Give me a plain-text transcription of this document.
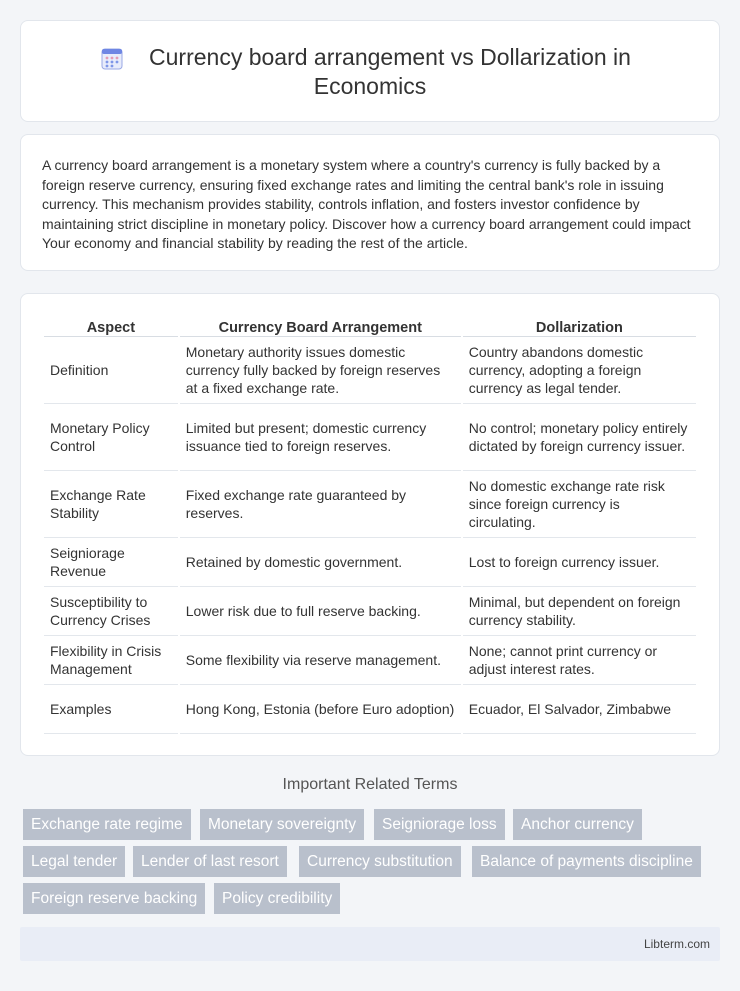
Currency board arrangement vs Dollarization in
Economics

A currency board arrangement is a monetary system where a country's currency is fully backed by a foreign reserve currency, ensuring fixed exchange rates and limiting the central bank's role in issuing currency. This mechanism provides stability, controls inflation, and fosters investor confidence by maintaining strict discipline in monetary policy. Discover how a currency board arrangement could impact Your economy and financial stability by reading the rest of the article.

Aspect	Currency Board Arrangement	Dollarization
Definition	Monetary authority issues domestic currency fully backed by foreign reserves at a fixed exchange rate.	Country abandons domestic currency, adopting a foreign currency as legal tender.
Monetary Policy Control	Limited but present; domestic currency issuance tied to foreign reserves.	No control; monetary policy entirely dictated by foreign currency issuer.
Exchange Rate Stability	Fixed exchange rate guaranteed by reserves.	No domestic exchange rate risk since foreign currency is circulating.
Seigniorage Revenue	Retained by domestic government.	Lost to foreign currency issuer.
Susceptibility to Currency Crises	Lower risk due to full reserve backing.	Minimal, but dependent on foreign currency stability.
Flexibility in Crisis Management	Some flexibility via reserve management.	None; cannot print currency or adjust interest rates.
Examples	Hong Kong, Estonia (before Euro adoption)	Ecuador, El Salvador, Zimbabwe
Important Related Terms
Exchange rate regime	Monetary sovereignty	Seigniorage loss	Anchor currency
Legal tender	Lender of last resort	Currency substitution	Balance of payments discipline
Foreign reserve backing	Policy credibility
Libterm.com
